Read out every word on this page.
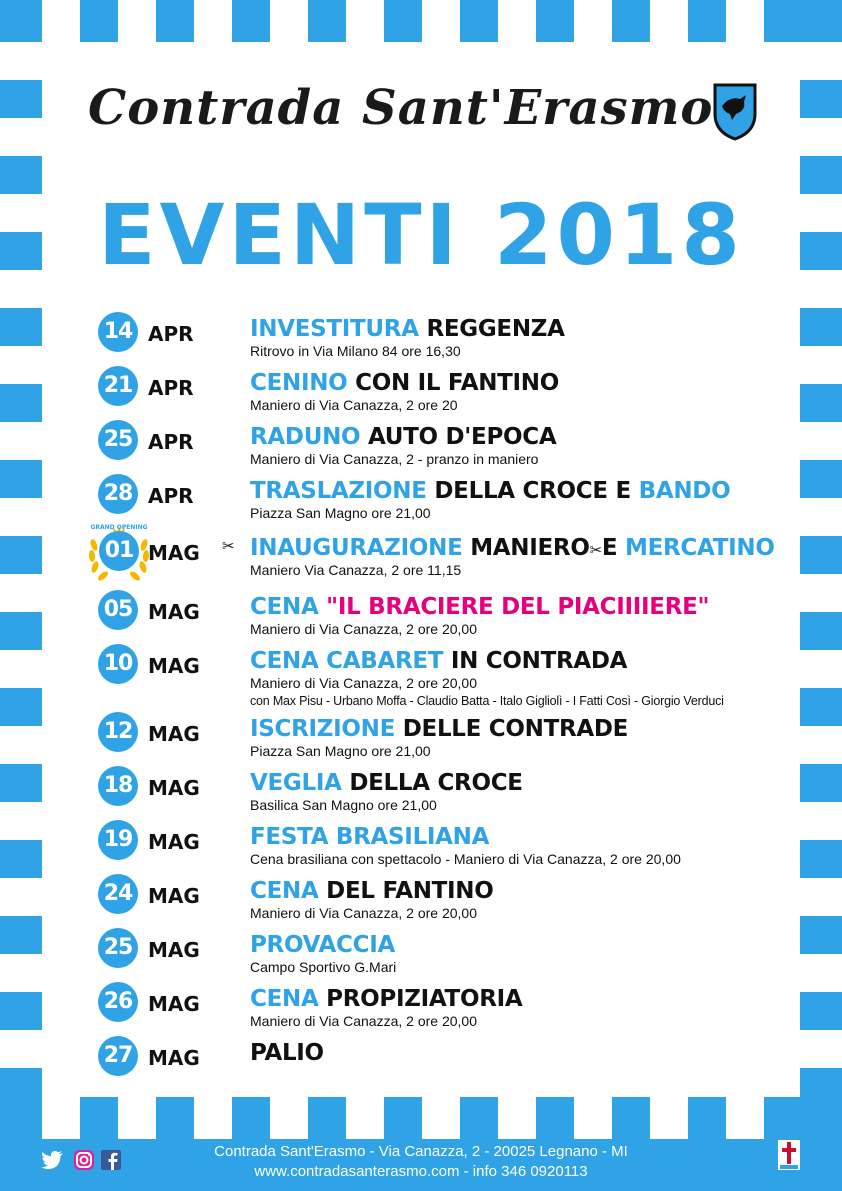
Contrada Sant'Erasmo
EVENTI 2018
14 APR INVESTITURA REGGENZA
Ritrovo in Via Milano 84 ore 16,30
21 APR CENINO CON IL FANTINO
Maniero di Via Canazza, 2 ore 20
25 APR RADUNO AUTO D'EPOCA
Maniero di Via Canazza, 2 - pranzo in maniero
28 APR TRASLAZIONE DELLA CROCE E BANDO
Piazza San Magno ore 21,00
GRAND OPENING
01 MAG ✂ INAUGURAZIONE MANIERO✂E MERCATINO
Maniero Via Canazza, 2 ore 11,15
05 MAG CENA "IL BRACIERE DEL PIACIIIIERE"
Maniero di Via Canazza, 2 ore 20,00
10 MAG CENA CABARET IN CONTRADA
Maniero di Via Canazza, 2 ore 20,00
con Max Pisu - Urbano Moffa - Claudio Batta - Italo Gigliolì - I Fatti Così - Giorgio Verduci
12 MAG ISCRIZIONE DELLE CONTRADE
Piazza San Magno ore 21,00
18 MAG VEGLIA DELLA CROCE
Basilica San Magno ore 21,00
19 MAG FESTA BRASILIANA
Cena brasiliana con spettacolo - Maniero di Via Canazza, 2 ore 20,00
24 MAG CENA DEL FANTINO
Maniero di Via Canazza, 2 ore 20,00
25 MAG PROVACCIA
Campo Sportivo G.Mari
26 MAG CENA PROPIZIATORIA
Maniero di Via Canazza, 2 ore 20,00
27 MAG PALIO
Contrada Sant'Erasmo - Via Canazza, 2 - 20025 Legnano - MI
www.contradasanterasmo.com - info 346 0920113
